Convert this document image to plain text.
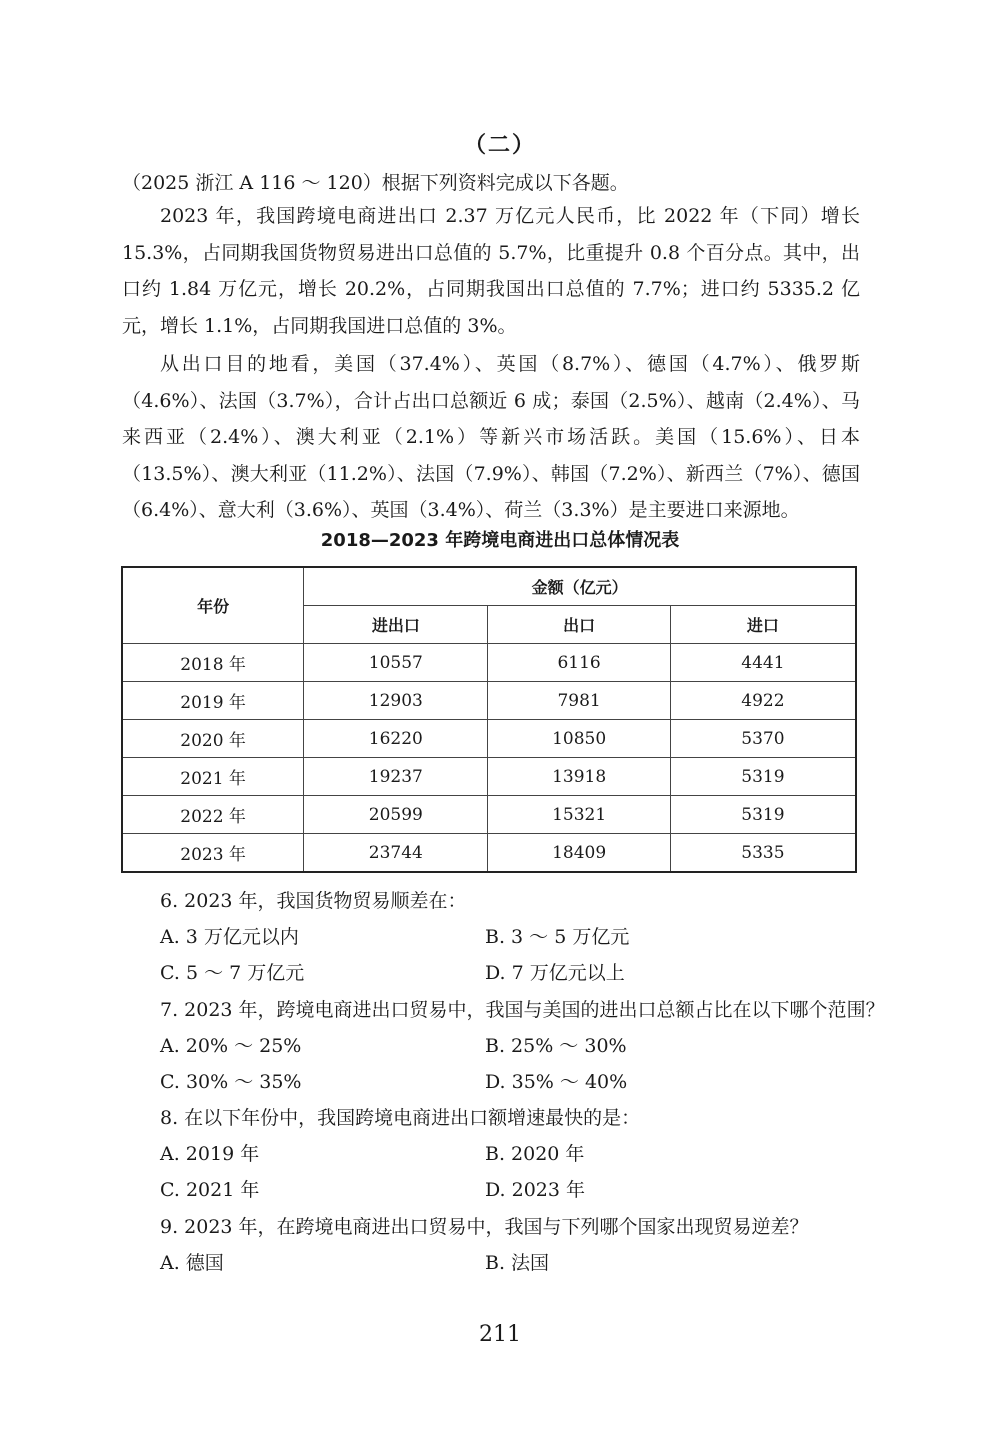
（二）
（2025 浙江 A 116 ～ 120）根据下列资料完成以下各题。

2023 年，我国跨境电商进出口 2.37 万亿元人民币，比 2022 年（下同）增长 15.3%，占同期我国货物贸易进出口总值的 5.7%，比重提升 0.8 个百分点。其中，出口约 1.84 万亿元，增长 20.2%，占同期我国出口总值的 7.7%；进口约 5335.2 亿元，增长 1.1%，占同期我国进口总值的 3%。

从出口目的地看，美国（37.4%）、英国（8.7%）、德国（4.7%）、俄罗斯（4.6%）、法国（3.7%），合计占出口总额近 6 成；泰国（2.5%）、越南（2.4%）、马来西亚（2.4%）、澳大利亚（2.1%）等新兴市场活跃。美国（15.6%）、日本（13.5%）、澳大利亚（11.2%）、法国（7.9%）、韩国（7.2%）、新西兰（7%）、德国（6.4%）、意大利（3.6%）、英国（3.4%）、荷兰（3.3%）是主要进口来源地。

2018—2023 年跨境电商进出口总体情况表
年份	金额（亿元）		
	进出口	出口	进口
2018 年	10557	6116	4441
2019 年	12903	7981	4922
2020 年	16220	10850	5370
2021 年	19237	13918	5319
2022 年	20599	15321	5319
2023 年	23744	18409	5335
6. 2023 年，我国货物贸易顺差在：
A. 3 万亿元以内	B. 3 ～ 5 万亿元
C. 5 ～ 7 万亿元	D. 7 万亿元以上
7. 2023 年，跨境电商进出口贸易中，我国与美国的进出口总额占比在以下哪个范围？
A. 20% ～ 25%	B. 25% ～ 30%
C. 30% ～ 35%	D. 35% ～ 40%
8. 在以下年份中，我国跨境电商进出口额增速最快的是：
A. 2019 年	B. 2020 年
C. 2021 年	D. 2023 年
9. 2023 年，在跨境电商进出口贸易中，我国与下列哪个国家出现贸易逆差？
A. 德国	B. 法国
211
